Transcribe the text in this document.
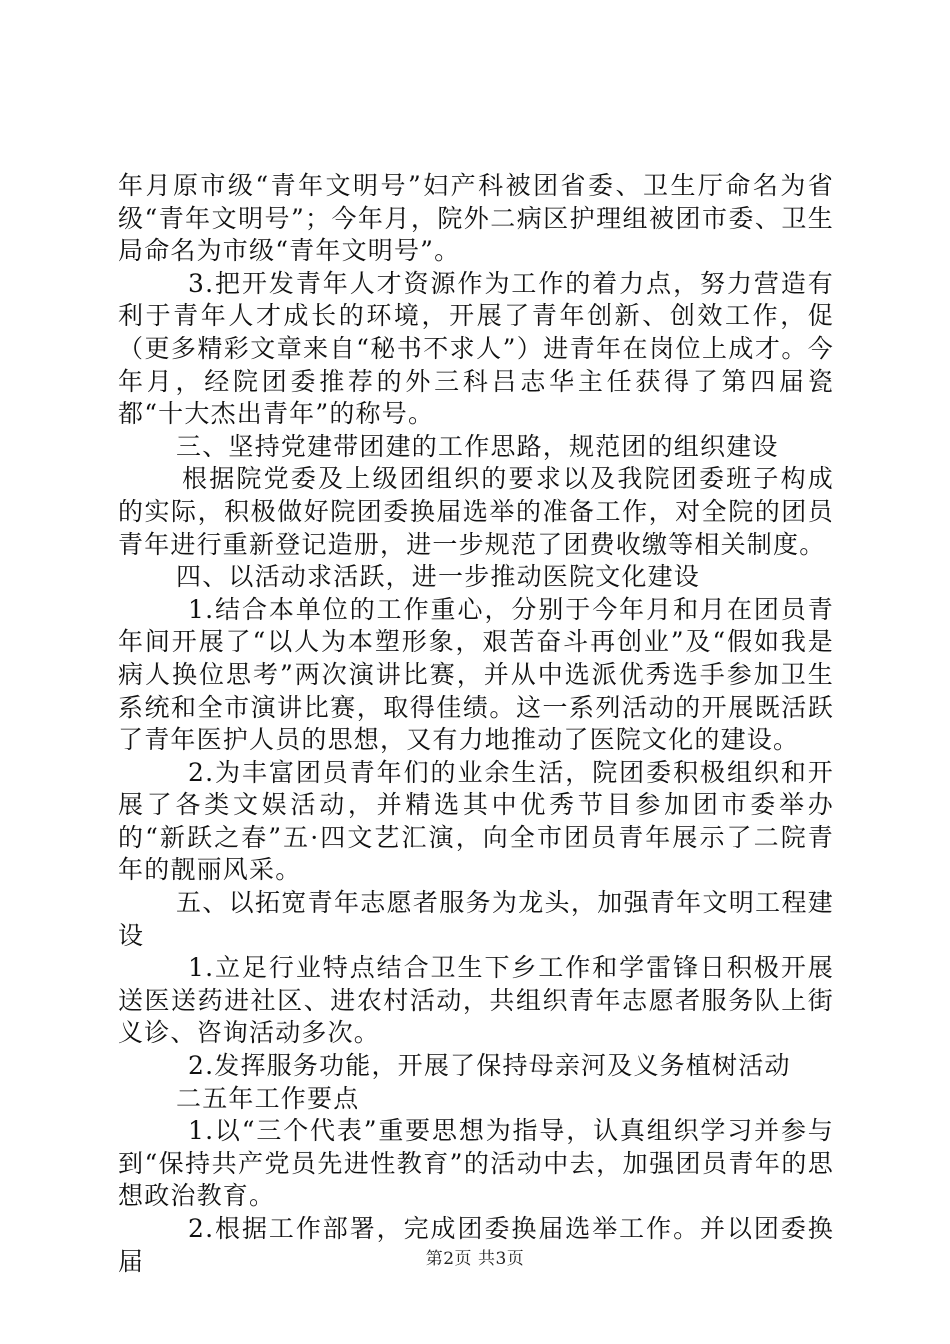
年月原市级“青年文明号”妇产科被团省委、卫生厅命名为省级“青年文明号”；今年月，院外二病区护理组被团市委、卫生局命名为市级“青年文明号”。

3.把开发青年人才资源作为工作的着力点，努力营造有利于青年人才成长的环境，开展了青年创新、创效工作，促（更多精彩文章来自“秘书不求人”）进青年在岗位上成才。今年月，经院团委推荐的外三科吕志华主任获得了第四届瓷都“十大杰出青年”的称号。

三、坚持党建带团建的工作思路，规范团的组织建设

根据院党委及上级团组织的要求以及我院团委班子构成的实际，积极做好院团委换届选举的准备工作，对全院的团员青年进行重新登记造册，进一步规范了团费收缴等相关制度。

四、以活动求活跃，进一步推动医院文化建设

1.结合本单位的工作重心，分别于今年月和月在团员青年间开展了“以人为本塑形象，艰苦奋斗再创业”及“假如我是病人换位思考”两次演讲比赛，并从中选派优秀选手参加卫生系统和全市演讲比赛，取得佳绩。这一系列活动的开展既活跃了青年医护人员的思想，又有力地推动了医院文化的建设。

2.为丰富团员青年们的业余生活，院团委积极组织和开展了各类文娱活动，并精选其中优秀节目参加团市委举办的“新跃之春”五·四文艺汇演，向全市团员青年展示了二院青年的靓丽风采。

五、以拓宽青年志愿者服务为龙头，加强青年文明工程建设

1.立足行业特点结合卫生下乡工作和学雷锋日积极开展送医送药进社区、进农村活动，共组织青年志愿者服务队上街义诊、咨询活动多次。

2.发挥服务功能，开展了保持母亲河及义务植树活动

二五年工作要点

1.以“三个代表”重要思想为指导，认真组织学习并参与到“保持共产党员先进性教育”的活动中去，加强团员青年的思想政治教育。

2.根据工作部署，完成团委换届选举工作。并以团委换届	第2页 共3页
